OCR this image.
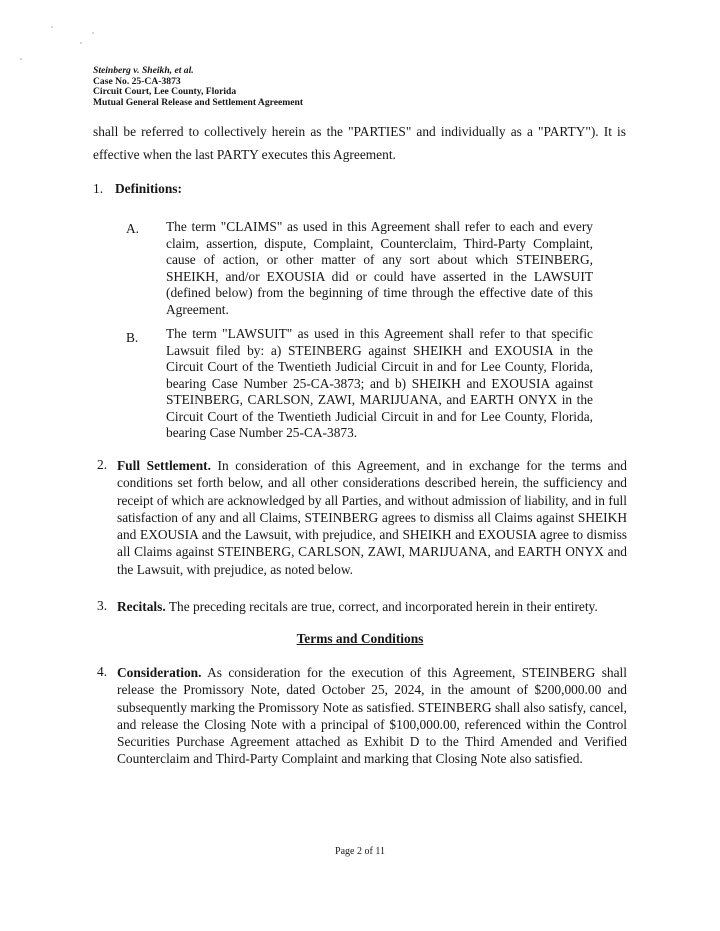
Steinberg v. Sheikh, et al.
Case No. 25-CA-3873
Circuit Court, Lee County, Florida
Mutual General Release and Settlement Agreement
shall be referred to collectively herein as the "PARTIES" and individually as a "PARTY"). It is effective when the last PARTY executes this Agreement.
1. Definitions:
A. The term "CLAIMS" as used in this Agreement shall refer to each and every claim, assertion, dispute, Complaint, Counterclaim, Third-Party Complaint, cause of action, or other matter of any sort about which STEINBERG, SHEIKH, and/or EXOUSIA did or could have asserted in the LAWSUIT (defined below) from the beginning of time through the effective date of this Agreement.
B. The term "LAWSUIT" as used in this Agreement shall refer to that specific Lawsuit filed by: a) STEINBERG against SHEIKH and EXOUSIA in the Circuit Court of the Twentieth Judicial Circuit in and for Lee County, Florida, bearing Case Number 25-CA-3873; and b) SHEIKH and EXOUSIA against STEINBERG, CARLSON, ZAWI, MARIJUANA, and EARTH ONYX in the Circuit Court of the Twentieth Judicial Circuit in and for Lee County, Florida, bearing Case Number 25-CA-3873.
2. Full Settlement. In consideration of this Agreement, and in exchange for the terms and conditions set forth below, and all other considerations described herein, the sufficiency and receipt of which are acknowledged by all Parties, and without admission of liability, and in full satisfaction of any and all Claims, STEINBERG agrees to dismiss all Claims against SHEIKH and EXOUSIA and the Lawsuit, with prejudice, and SHEIKH and EXOUSIA agree to dismiss all Claims against STEINBERG, CARLSON, ZAWI, MARIJUANA, and EARTH ONYX and the Lawsuit, with prejudice, as noted below.
3. Recitals. The preceding recitals are true, correct, and incorporated herein in their entirety.
Terms and Conditions
4. Consideration. As consideration for the execution of this Agreement, STEINBERG shall release the Promissory Note, dated October 25, 2024, in the amount of $200,000.00 and subsequently marking the Promissory Note as satisfied. STEINBERG shall also satisfy, cancel, and release the Closing Note with a principal of $100,000.00, referenced within the Control Securities Purchase Agreement attached as Exhibit D to the Third Amended and Verified Counterclaim and Third-Party Complaint and marking that Closing Note also satisfied.
Page 2 of 11
